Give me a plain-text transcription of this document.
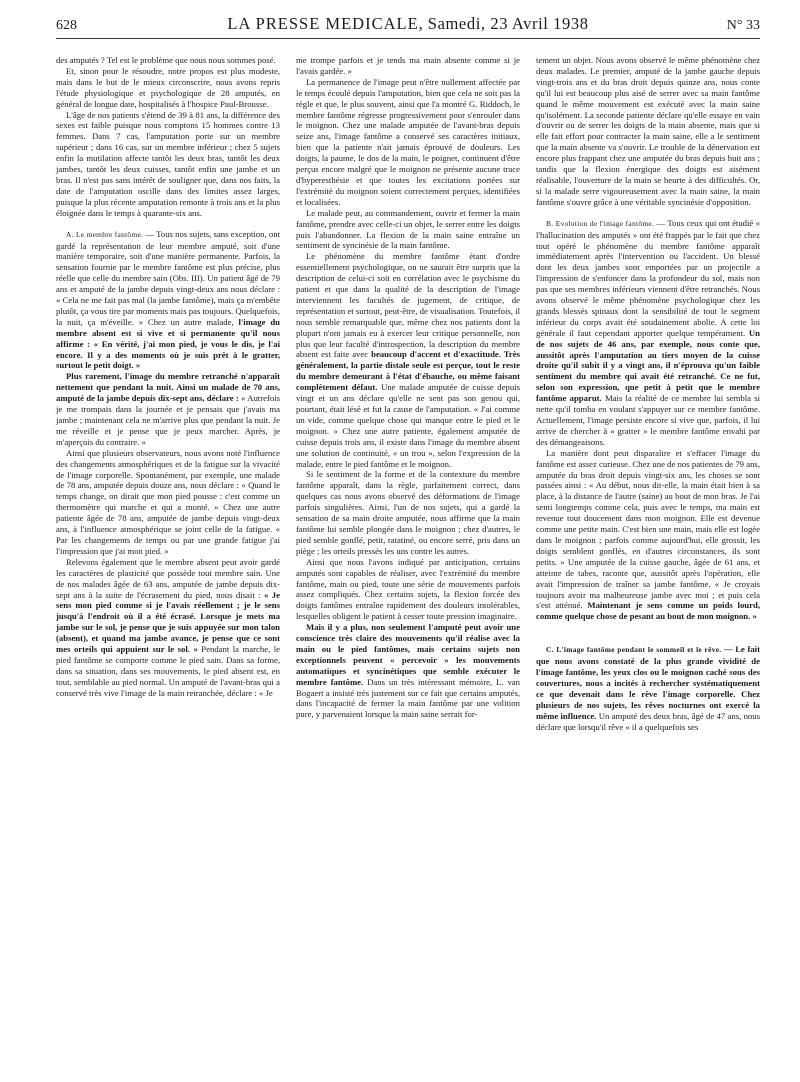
628	LA PRESSE MEDICALE, Samedi, 23 Avril 1938	N° 33

des amputés ? Tel est le problème que nous nous sommes posé.

Et, sinon pour le résoudre, notre propos est plus modeste, mais dans le but de le mieux circonscrire, nous avons repris l'étude physiologique et psychologique de 28 amputés, en général de longue date, hospitalisés à l'hospice Paul-Brousse.

L'âge de nos patients s'étend de 39 à 81 ans, la différence des sexes est faible puisque nous comptons 15 hommes contre 13 femmes. Dans 7 cas, l'amputation porte sur un membre supérieur ; dans 16 cas, sur un membre inférieur ; chez 5 sujets enfin la mutilation affecte tantôt les deux bras, tantôt les deux jambes, tantôt les deux cuisses, tantôt enfin une jambe et un bras. Il n'est pas sans intérêt de souligner que, dans nos faits, la date de l'amputation oscille dans des limites assez larges, puisque la plus récente amputation remonte à trois ans et la plus éloignée dans le temps à quarante-six ans.

A. Le membre fantôme. — Tous nos sujets, sans exception, ont gardé la représentation de leur membre amputé, soit d'une manière temporaire, soit d'une manière permanente. Parfois, la sensation fournie par le membre fantôme est plus précise, plus réelle que celle du membre sain (Obs. III). Un patient âgé de 79 ans et amputé de la jambe depuis vingt-deux ans nous déclare : « Cela ne me fait pas mal (la jambe fantôme), mais ça m'embête plutôt, ça vous tire par moments mais pas toujours. Quelquefois, la nuit, ça m'éveille. » Chez un autre malade, l'image du membre absent est si vive et si permanente qu'il nous affirme : « En vérité, j'ai mon pied, je vous le dis, je l'ai encore. Il y a des moments où je suis prêt à le gratter, surtout le petit doigt. »

Plus rarement, l'image du membre retranché n'apparaît nettement que pendant la nuit. Ainsi un malade de 70 ans, amputé de la jambe depuis dix-sept ans, déclare : « Autrefois je me trompais dans la journée et je pensais que j'avais ma jambe ; maintenant cela ne m'arrive plus que pendant la nuit. Je me réveille et je pense que je peux marcher. Après, je m'aperçois du contraire. »

Ainsi que plusieurs observateurs, nous avons noté l'influence des changements atmosphériques et de la fatigue sur la vivacité de l'image corporelle. Spontanément, par exemple, une malade de 78 ans, amputée depuis douze ans, nous déclare : « Quand le temps change, on dirait que mon pied pousse : c'est comme un thermomètre qui marche et qui a monté. » Chez une autre patiente âgée de 78 ans, amputée de jambe depuis vingt-deux ans, à l'influence atmosphérique se joint celle de la fatigue. « Par les changements de temps ou par une grande fatigue j'ai l'impression que j'ai mon pied. »

Relevons également que le membre absent peut avoir gardé les caractères de plasticité que possède tout membre sain. Une de nos malades âgée de 63 ans, amputée de jambe depuis dix-sept ans à la suite de l'écrasement du pied, nous disait : « Je sens mon pied comme si je l'avais réellement ; je le sens jusqu'à l'endroit où il a été écrasé. Lorsque je mets ma jambe sur le sol, je pense que je suis appuyée sur mon talon (absent), et quand ma jambe avance, je pense que ce sont mes orteils qui appuient sur le sol. » Pendant la marche, le pied fantôme se comporte comme le pied sain. Dans sa forme, dans sa situation, dans ses mouvements, le pied absent est, en tout, semblable au pied normal. Un amputé de l'avant-bras qui a conservé très vive l'image de la main retranchée, déclare : « Je

me trompe parfois et je tends ma main absente comme si je l'avais gardée. »

La permanence de l'image peut n'être nullement affectée par le temps écoulé depuis l'amputation, bien que cela ne soit pas la règle et que, le plus souvent, ainsi que l'a montré G. Riddoch, le membre fantôme régresse progressivement pour s'enrouler dans le moignon. Chez une malade amputée de l'avant-bras depuis seize ans, l'image fantôme a conservé ses caractères initiaux, bien que la patiente n'ait jamais éprouvé de douleurs. Les doigts, la paume, le dos de la main, le poignet, continuent d'être perçus encore malgré que le moignon ne présente aucune trace d'hyperesthésie et que toutes les excitations portées sur l'extrémité du moignon soient correctement perçues, identifiées et localisées.

Le malade peut, au commandement, ouvrir et fermer la main fantôme, prendre avec celle-ci un objet, le serrer entre les doigts puis l'abandonner. La flexion de la main saine entraîne un sentiment de syncinésie de la main fantôme.

Le phénomène du membre fantôme étant d'ordre essentiellement psychologique, on ne saurait être surpris que la description de celui-ci soit en corrélation avec le psychisme du patient et que dans la qualité de la description de l'image interviennent les facultés de jugement, de critique, de représentation et surtout, peut-être, de visualisation. Toutefois, il nous semble remarquable que, même chez nos patients dont la plupart n'ont jamais eu à exercer leur critique personnelle, non plus que leur faculté d'introspection, la description du membre absent est faite avec beaucoup d'accent et d'exactitude. Très généralement, la partie distale seule est perçue, tout le reste du membre demeurant à l'état d'ébauche, ou même faisant complètement défaut. Une malade amputée de cuisse depuis vingt et un ans déclare qu'elle ne sent pas son genou qui, pourtant, était lésé et fut la cause de l'amputation. « J'ai comme un vide, comme quelque chose qui manque entre le pied et le moignon. » Chez une autre patiente, également amputée de cuisse depuis trois ans, il existe dans l'image du membre absent une solution de continuité, « un trou », selon l'expression de la malade, entre le pied fantôme et le moignon.

Si le sentiment de la forme et de la contexture du membre fantôme apparaît, dans la règle, parfaitement correct, dans quelques cas nous avons observé des déformations de l'image parfois singulières. Ainsi, l'un de nos sujets, qui a gardé la sensation de sa main droite amputée, nous affirme que la main fantôme lui semble plongée dans le moignon ; chez d'autres, le pied semble gonflé, petit, ratatiné, ou encore serré, pris dans un piège ; les orteils pressés les uns contre les autres.

Ainsi que nous l'avons indiqué par anticipation, certains amputés sont capables de réaliser, avec l'extrémité du membre fantôme, main ou pied, toute une série de mouvements parfois assez compliqués. Chez certains sujets, la flexion forcée des doigts fantômes entraîne rapidement des douleurs intolérables, lesquelles obligent le patient à cesser toute pression imaginaire.

Mais il y a plus, non seulement l'amputé peut avoir une conscience très claire des mouvements qu'il réalise avec la main ou le pied fantômes, mais certains sujets non exceptionnels peuvent « percevoir » les mouvements automatiques et syncinétiques que semble exécuter le membre fantôme. Dans un très intéressant mémoire, L. van Bogaert a insisté très justement sur ce fait que certains amputés, dans l'incapacité de fermer la main fantôme par une volition pure, y parvenaient lorsque la main saine serrait for-

tement un objet. Nous avons observé le même phénomène chez deux malades. Le premier, amputé de la jambe gauche depuis vingt-trois ans et du bras droit depuis quinze ans, nous conte qu'il lui est beaucoup plus aisé de serrer avec sa main fantôme quand le même mouvement est exécuté avec la main saine qu'isolément. La seconde patiente déclare qu'elle essaye en vain d'ouvrir ou de serrer les doigts de la main absente, mais que si elle fait effort pour contracter la main saine, elle a le sentiment que la main absente va s'ouvrir. Le trouble de la dénervation est encore plus frappant chez une amputée du bras depuis huit ans ; tandis que la flexion énergique des doigts est aisément réalisable, l'ouverture de la main se heurte à des difficultés. Or, si la malade serre vigoureusement avec la main saine, la main fantôme s'ouvre grâce à une véritable syncinésie d'opposition.

B. Evolution de l'image fantôme. — Tous ceux qui ont étudié « l'hallucination des amputés » ont été frappés par le fait que chez tout opéré le phénomène du membre fantôme apparaît immédiatement après l'intervention ou l'accident. Un blessé dont les deux jambes sont emportées par un projectile a l'impression de s'enfoncer dans la profondeur du sol, mais non pas que ses membres inférieurs viennent d'être retranchés. Nous avons observé le même phénomène psychologique chez les grands blessés spinaux dont la sensibilité de tout le segment inférieur du corps avait été soudainement abolie. A cette loi générale il faut cependant apporter quelque tempérament. Un de nos sujets de 46 ans, par exemple, nous conte que, aussitôt après l'amputation au tiers moyen de la cuisse droite qu'il subit il y a vingt ans, il n'éprouva qu'un faible sentiment du membre qui avait été retranché. Ce ne fut, selon son expression, que petit à petit que le membre fantôme apparut. Mais la réalité de ce membre lui sembla si nette qu'il tomba en voulant s'appuyer sur ce membre fantôme. Actuellement, l'image persiste encore si vive que, parfois, il lui arrive de chercher à « gratter » le membre fantôme envahi par des démangeaisons.

La manière dont peut disparaître et s'effacer l'image du fantôme est assez curieuse. Chez une de nos patientes de 79 ans, amputée du bras droit depuis vingt-six ans, les choses se sont passées ainsi : « Au début, nous dit-elle, la main était bien à sa place, à la distance de l'autre (saine) au bout de mon bras. Je l'ai senti longtemps comme cela, puis avec le temps, ma main est revenue tout doucement dans mon moignon. Elle est devenue comme une petite main. C'est bien une main, mais elle est logée dans le moignon ; parfois comme aujourd'hui, elle grossit, les doigts semblent gonflés, en d'autres circonstances, ils sont petits. » Une amputée de la cuisse gauche, âgée de 61 ans, et atteinte de tabes, raconte que, aussitôt après l'opération, elle avait l'impression de traîner sa jambe fantôme. « Je croyais toujours avoir ma malheureuse jambe avec moi ; et puis cela s'est atténué. Maintenant je sens comme un poids lourd, comme quelque chose de pesant au bout de mon moignon. »

C. L'image fantôme pendant le sommeil et le rêve. — Le fait que nous avons constaté de la plus grande vividité de l'image fantôme, les yeux clos ou le moignon caché sous des couvertures, nous a incités à rechercher systématiquement ce que devenait dans le rêve l'image corporelle. Chez plusieurs de nos sujets, les rêves nocturnes ont exercé la même influence. Un amputé des deux bras, âgé de 47 ans, nous déclare que lorsqu'il rêve « il a quelquefois ses
